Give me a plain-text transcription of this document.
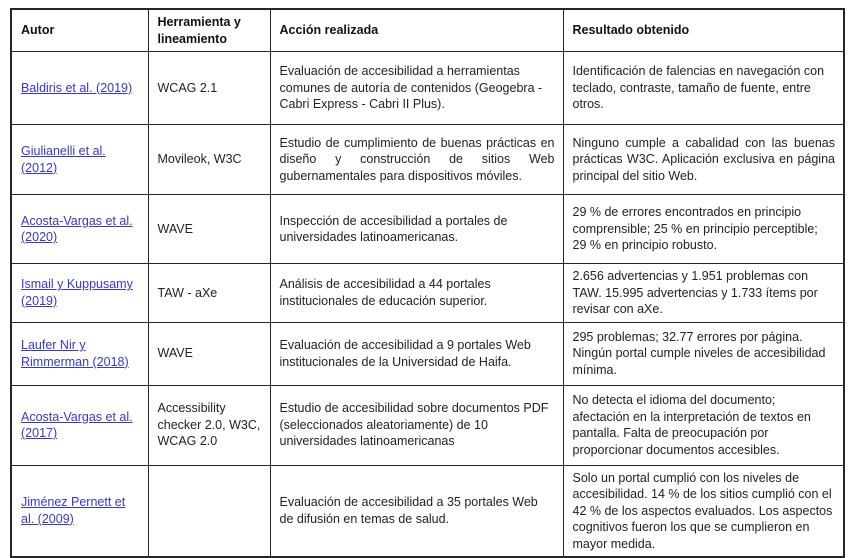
Autor	Herramienta y lineamiento	Acción realizada	Resultado obtenido
Baldiris et al. (2019)	WCAG 2.1	Evaluación de accesibilidad a herramientas comunes de autoría de contenidos (Geogebra - Cabri Express - Cabri II Plus).	Identificación de falencias en navegación con teclado, contraste, tamaño de fuente, entre otros.
Giulianelli et al. (2012)	Movileok, W3C	Estudio de cumplimiento de buenas prácticas en diseño y construcción de sitios Web gubernamentales para dispositivos móviles.	Ninguno cumple a cabalidad con las buenas prácticas W3C. Aplicación exclusiva en página principal del sitio Web.
Acosta-Vargas et al. (2020)	WAVE	Inspección de accesibilidad a portales de universidades latinoamericanas.	29 % de errores encontrados en principio comprensible; 25 % en principio perceptible; 29 % en principio robusto.
Ismail y Kuppusamy (2019)	TAW - aXe	Análisis de accesibilidad a 44 portales institucionales de educación superior.	2.656 advertencias y 1.951 problemas con TAW. 15.995 advertencias y 1.733 ítems por revisar con aXe.
Laufer Nir y Rimmerman (2018)	WAVE	Evaluación de accesibilidad a 9 portales Web institucionales de la Universidad de Haifa.	295 problemas; 32.77 errores por página. Ningún portal cumple niveles de accesibilidad mínima.
Acosta-Vargas et al. (2017)	Accessibility checker 2.0, W3C, WCAG 2.0	Estudio de accesibilidad sobre documentos PDF (seleccionados aleatoriamente) de 10 universidades latinoamericanas	No detecta el idioma del documento; afectación en la interpretación de textos en pantalla. Falta de preocupación por proporcionar documentos accesibles.
Jiménez Pernett et al. (2009)		Evaluación de accesibilidad a 35 portales Web de difusión en temas de salud.	Solo un portal cumplió con los niveles de accesibilidad. 14 % de los sitios cumplió con el 42 % de los aspectos evaluados. Los aspectos cognitivos fueron los que se cumplieron en mayor medida.
